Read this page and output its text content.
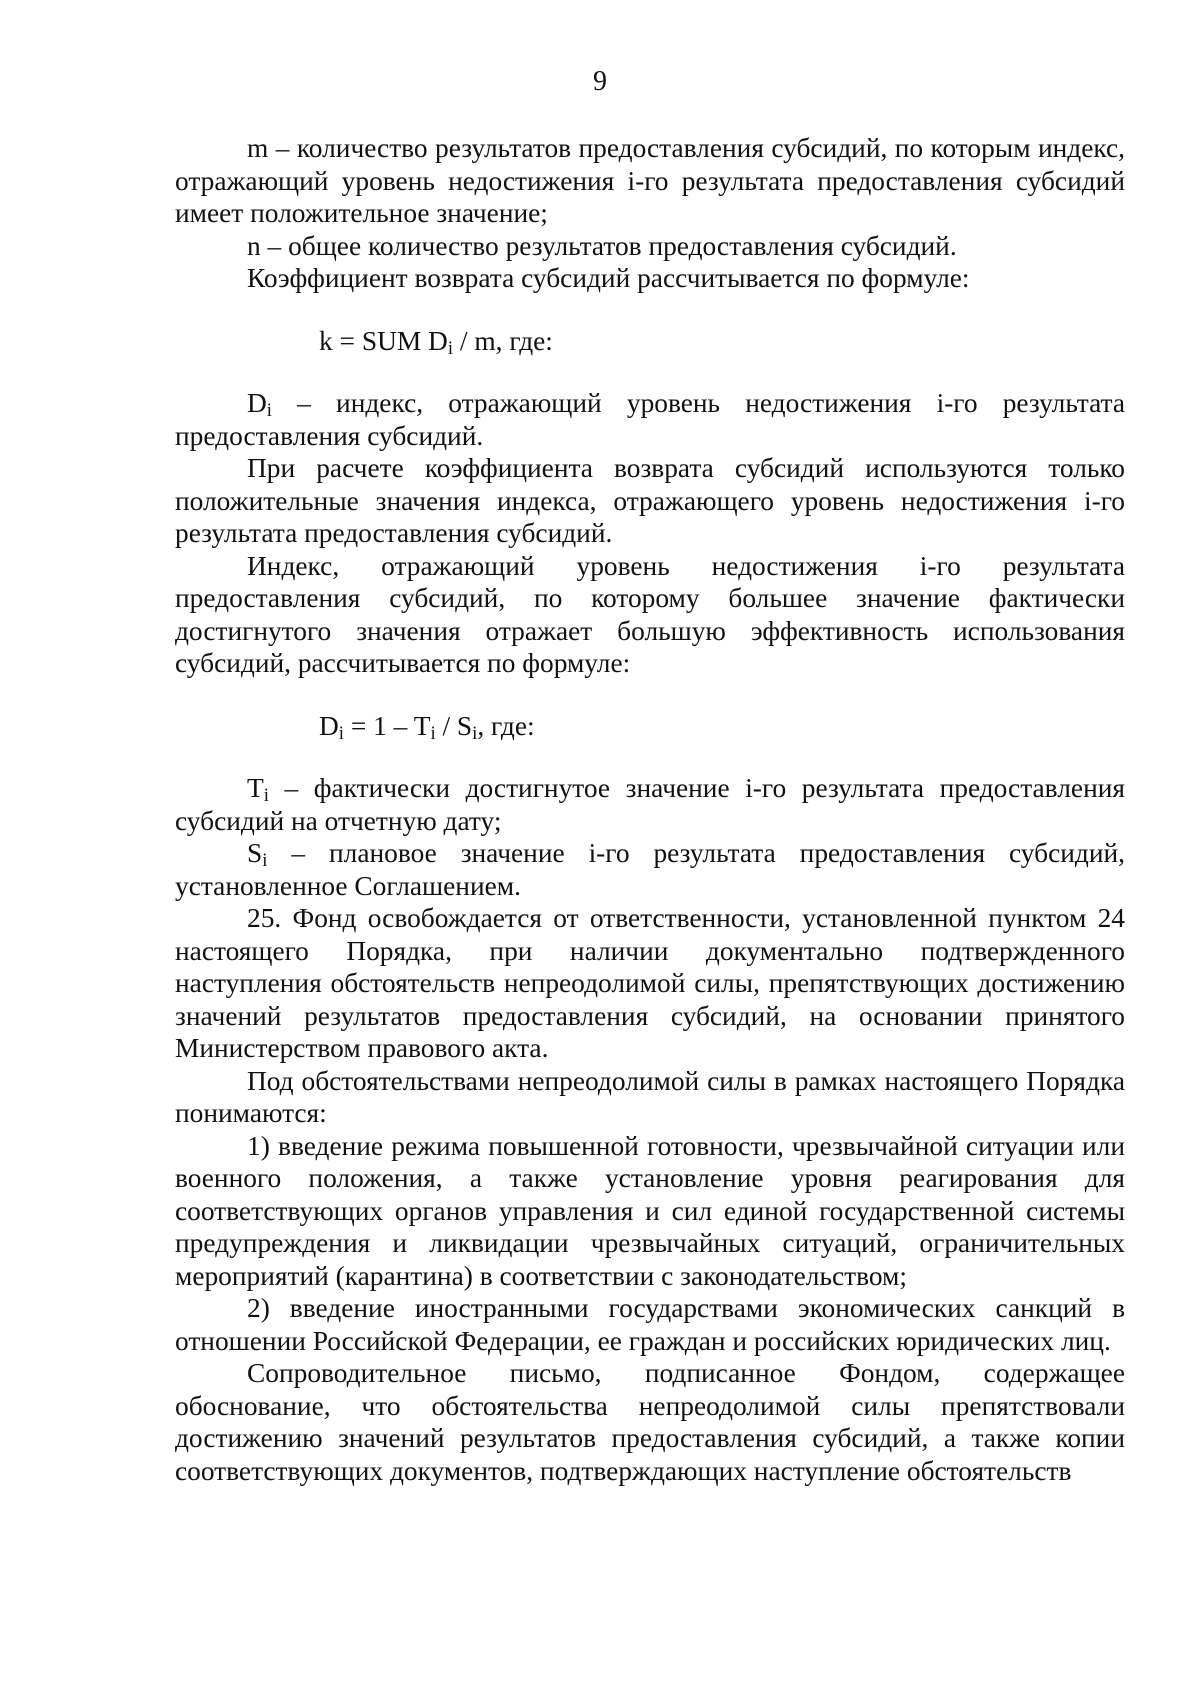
9

m – количество результатов предоставления субсидий, по которым индекс, отражающий уровень недостижения i-го результата предоставления субсидий имеет положительное значение;

n – общее количество результатов предоставления субсидий.

Коэффициент возврата субсидий рассчитывается по формуле:

k = SUM $D_i$ / m, где:

$D_i$ – индекс, отражающий уровень недостижения i-го результата предоставления субсидий.

При расчете коэффициента возврата субсидий используются только положительные значения индекса, отражающего уровень недостижения i-го результата предоставления субсидий.

Индекс, отражающий уровень недостижения i-го результата предоставления субсидий, по которому большее значение фактически достигнутого значения отражает большую эффективность использования субсидий, рассчитывается по формуле:

$D_i = 1 - T_i / S_i$, где:

$T_i$ – фактически достигнутое значение i-го результата предоставления субсидий на отчетную дату;

$S_i$ – плановое значение i-го результата предоставления субсидий, установленное Соглашением.

25. Фонд освобождается от ответственности, установленной пунктом 24 настоящего Порядка, при наличии документально подтвержденного наступления обстоятельств непреодолимой силы, препятствующих достижению значений результатов предоставления субсидий, на основании принятого Министерством правового акта.

Под обстоятельствами непреодолимой силы в рамках настоящего Порядка понимаются:

1) введение режима повышенной готовности, чрезвычайной ситуации или военного положения, а также установление уровня реагирования для соответствующих органов управления и сил единой государственной системы предупреждения и ликвидации чрезвычайных ситуаций, ограничительных мероприятий (карантина) в соответствии с законодательством;

2) введение иностранными государствами экономических санкций в отношении Российской Федерации, ее граждан и российских юридических лиц.

Сопроводительное письмо, подписанное Фондом, содержащее обоснование, что обстоятельства непреодолимой силы препятствовали достижению значений результатов предоставления субсидий, а также копии соответствующих документов, подтверждающих наступление обстоятельств
